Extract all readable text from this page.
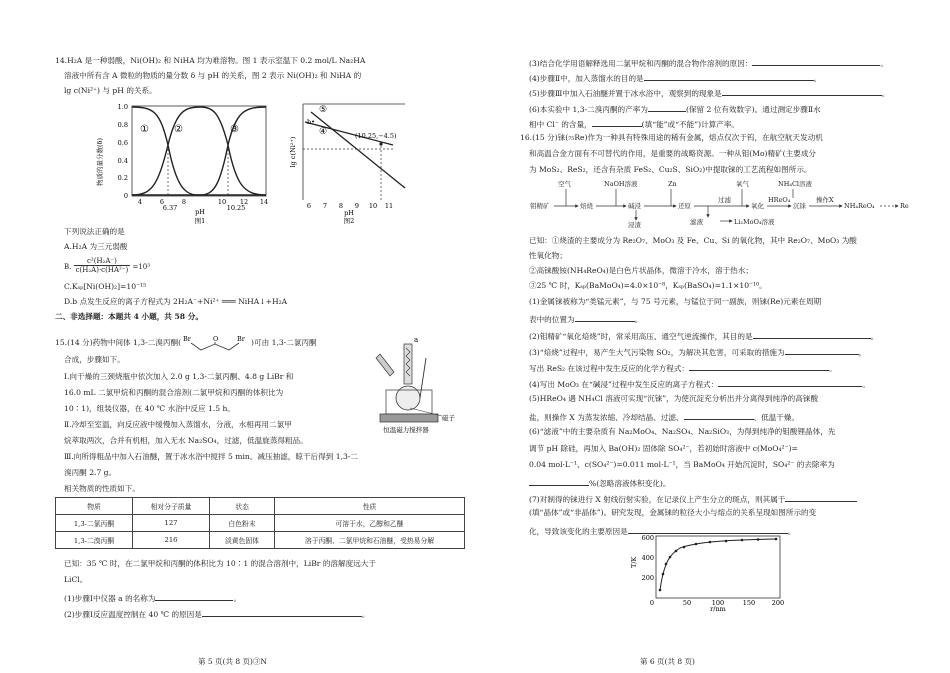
14.H₂A 是一种弱酸，Ni(OH)₂ 和 NiHA 均为难溶物。图 1 表示室温下 0.2 mol/L Na₂HA
溶液中所有含 A 微粒的物质的量分数 δ 与 pH 的关系，图 2 表示 Ni(OH)₂ 和 NiHA 的
lg c(Ni²⁺) 与 pH 的关系。
物质的量分数(δ)
1.0
0.8
0.6
0.4
0.2
0
①	②	③
4	6	8	10 12 14
6.37	10.25
pH
图1
lg c(Ni²⁺)
⑤
b•
④	(10.25,−4.5)
6 7 8 9 10 11
pH
图2
下列说法正确的是
A.H₂A 为三元弱酸
B. $\frac{\text{c²(H₂A⁻)}}{\text{c(H₂A)·c(HA²⁻)}} =10^3$
C.Kₛₚ[Ni(OH)₂]=10⁻¹⁵
D.b 点发生反应的离子方程式为 2H₂A⁻+Ni²⁺ ═══ NiHA↓+H₂A
二、非选择题：本题共 4 小题，共 58 分。
15.(14 分)药物中间体 1,3-二溴丙酮( Br	O	Br )可由 1,3-二氯丙酮
合成，步骤如下。
Ⅰ.向干燥的三颈烧瓶中依次加入 2.0 g 1,3-二氯丙酮、4.8 g LiBr 和
16.0 mL 二氯甲烷和丙酮的混合溶剂(二氯甲烷和丙酮的体积比为
10∶1)，组装仪器，在 40 ℃ 水浴中反应 1.5 h。
Ⅱ.冷却至室温，向反应液中缓慢加入蒸馏水，分液，水相再用二氯甲
烷萃取两次，合并有机相，加入无水 Na₂SO₄，过滤，低温旋蒸得粗品。
Ⅲ.向所得粗品中加入石油醚，置于冰水浴中搅拌 5 min。减压抽滤，晾干后得到 1,3-二
溴丙酮 2.7 g。
相关物质的性质如下。
a
磁子
恒温磁力搅拌器
物质	相对分子质量	状态	性质
1,3-二氯丙酮	127	白色粉末	可溶于水，乙醇和乙醚
1,3-二溴丙酮	216	淡黄色固体	溶于丙酮、二氯甲烷和石油醚，受热易分解
已知：35 ℃ 时，在二氯甲烷和丙酮的体积比为 10∶1 的混合溶剂中，LiBr 的溶解度远大于
LiCl。
(1)步骤Ⅰ中仪器 a 的名称为	。
(2)步骤Ⅰ反应温度控制在 40 ℃ 的原因是	。
第 5 页(共 8 页)③N
(3)结合化学用语解释选用二氯甲烷和丙酮的混合物作溶剂的原因：	。
(4)步骤Ⅱ中，加入蒸馏水的目的是	。
(5)步骤Ⅲ中加入石油醚并置于冰水浴中，观察到的现象是	。
(6)本实验中 1,3-二溴丙酮的产率为	(保留 2 位有效数字)。通过测定步骤Ⅱ水
相中 Cl⁻ 的含量，	(填“能”或“不能”)计算产率。
16.(15 分)铼(₇₅Re)作为一种具有特殊用途的稀有金属，熔点仅次于钨，在航空航天发动机
和高温合金方面有不可替代的作用，是重要的战略资源。一种从钼(Mo)精矿(主要成分
为 MoS₂、ReS₂，还含有杂质 FeS₂、Cu₂S、SiO₂)中提取铼的工艺流程如图所示。
钼精矿	焙烧	碱浸	还原
过滤
氧化	沉铼
操作X
NH₄ReO₄	Re
空气	NaOH溶液	Zn	氧气	NH₄Cl溶液
HReO₄
浸渣	滤液	Li₂MoO₄溶液
已知：①烧渣的主要成分为 Re₂O₇、MoO₃ 及 Fe、Cu、Si 的氧化物，其中 Re₂O₇、MoO₃ 为酸
性氧化物；
②高铼酸铵(NH₄ReO₄)是白色片状晶体，微溶于冷水，溶于热水；
③25 ℃ 时，Kₛₚ(BaMoO₄)=4.0×10⁻⁸，Kₛₚ(BaSO₄)=1.1×10⁻¹⁰。
(1)金属铼被称为“类锰元素”，与 75 号元素，与锰位于同一副族，则铼(Re)元素在周期
表中的位置为	。
(2)钼精矿“氧化焙烧”时，常采用高压、通空气逆流操作，其目的是	。
(3)“焙烧”过程中，易产生大气污染物 SO₂，为解决其危害，可采取的措施为	，
写出 ReS₂ 在该过程中发生反应的化学方程式：	。
(4)写出 MoO₃ 在“碱浸”过程中发生反应的离子方程式：	。
(5)HReO₄ 遇 NH₄Cl 溶液可实现“沉铼”，为使沉淀充分析出并分离得到纯净的高铼酸
盐，则操作 X 为蒸发浓缩、冷却结晶、过滤、	、低温干燥。
(6)“滤液”中的主要杂质有 Na₂MoO₄、Na₂SO₄、Na₂SiO₃，为得到纯净的钼酸锂晶体，先
调节 pH 除硅，再加入 Ba(OH)₂ 固体除 SO₄²⁻，若初始时溶液中 c(MoO₄²⁻)=
0.04 mol·L⁻¹、c(SO₄²⁻)=0.011 mol·L⁻¹，当 BaMoO₄ 开始沉淀时，SO₄²⁻ 的去除率为
%(忽略溶液体积变化)。
(7)对制得的铼进行 X 射线衍射实验，在记录仪上产生分立的斑点，则其属于
(填“晶体”或“非晶体”)。研究发现，金属铼的粒径大小与熔点的关系呈现如图所示的变
化，导致该变化的主要原因是	。
T/K
600
400
200
0	50	100	150	200
r/nm
第 6 页(共 8 页)
